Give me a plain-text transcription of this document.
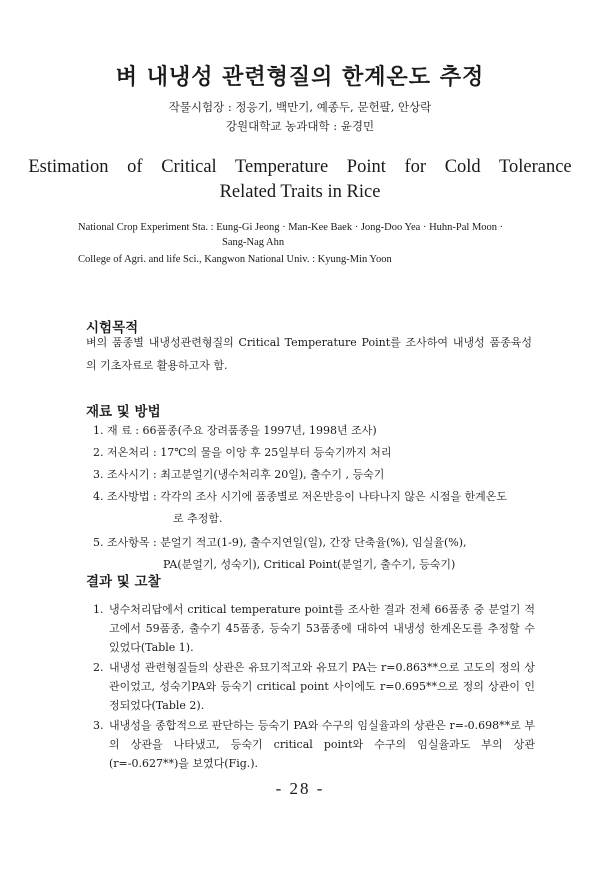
벼 내냉성 관련형질의 한계온도 추정
작물시험장 : 정응기, 백만기, 예종두, 문헌팔, 안상락
강원대학교 농과대학 : 윤경민
Estimation of Critical Temperature Point for Cold Tolerance
Related Traits in Rice
National Crop Experiment Sta. : Eung-Gi Jeong · Man-Kee Baek · Jong-Doo Yea · Huhn-Pal Moon ·
Sang-Nag Ahn
College of Agri. and life Sci., Kangwon National Univ. : Kyung-Min Yoon
시험목적
벼의 품종별 내냉성관련형질의 Critical Temperature Point를 조사하여 내냉성 품종육성의 기초자료로 활용하고자 함.
재료 및 방법
1. 재 료 : 66품종(주요 장려품종을 1997년, 1998년 조사)
2. 저온처리 : 17℃의 물을 이앙 후 25일부터 등숙기까지 처리
3. 조사시기 : 최고분얼기(냉수처리후 20일), 출수기 , 등숙기
4. 조사방법 : 각각의 조사 시기에 품종별로 저온반응이 나타나지 않은 시점을 한계온도
로 추정함.
5. 조사항목 : 분얼기 적고(1-9), 출수지연일(일), 간장 단축율(%), 임실율(%),
PA(분얼기, 성숙기), Critical Point(분얼기, 출수기, 등숙기)
결과 및 고찰
1. 냉수처리답에서 critical temperature point를 조사한 결과 전체 66품종 중 분얼기 적고에서 59품종, 출수기 45품종, 등숙기 53품종에 대하여 내냉성 한계온도를 추정할 수 있었다(Table 1).
2. 내냉성 관련형질들의 상관은 유묘기적고와 유묘기 PA는 r=0.863**으로 고도의 정의 상관이었고, 성숙기PA와 등숙기 critical point 사이에도 r=0.695**으로 정의 상관이 인정되었다(Table 2).
3. 내냉성을 종합적으로 판단하는 등숙기 PA와 수구의 임실율과의 상관은 r=-0.698**로 부의 상관을 나타냈고, 등숙기 critical point와 수구의 임실율과도 부의 상관(r=-0.627**)을 보였다(Fig.).
- 28 -
